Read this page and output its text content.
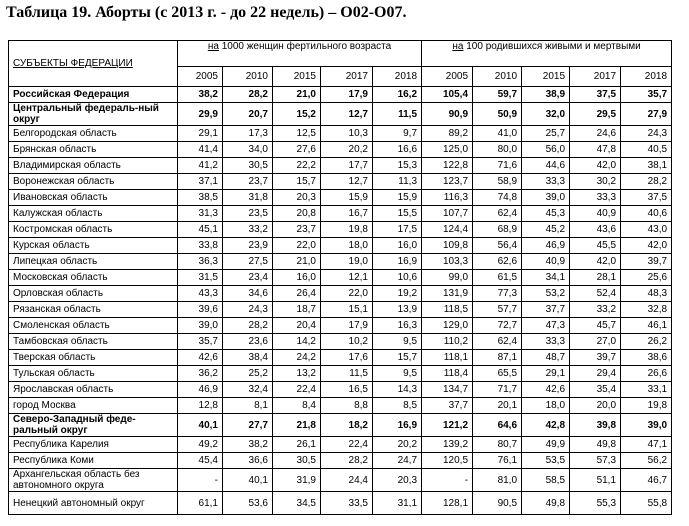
Таблица 19. Аборты (с 2013 г. - до 22 недель) – О02-О07.
СУБЪЕКТЫ ФЕДЕРАЦИИ	на 1000 женщин фертильного возраста					на 100 родившихся живыми и мертвыми				
	2005	2010	2015	2017	2018	2005	2010	2015	2017	2018
Российская Федерация	38,2	28,2	21,0	17,9	16,2	105,4	59,7	38,9	37,5	35,7
Центральный федераль-ный округ	29,9	20,7	15,2	12,7	11,5	90,9	50,9	32,0	29,5	27,9
Белгородская область	29,1	17,3	12,5	10,3	9,7	89,2	41,0	25,7	24,6	24,3
Брянская область	41,4	34,0	27,6	20,2	16,6	125,0	80,0	56,0	47,8	40,5
Владимирская область	41,2	30,5	22,2	17,7	15,3	122,8	71,6	44,6	42,0	38,1
Воронежская область	37,1	23,7	15,7	12,7	11,3	123,7	58,9	33,3	30,2	28,2
Ивановская область	38,5	31,8	20,3	15,9	15,9	116,3	74,8	39,0	33,3	37,5
Калужская область	31,3	23,5	20,8	16,7	15,5	107,7	62,4	45,3	40,9	40,6
Костромская область	45,1	33,2	23,7	19,8	17,5	124,4	68,9	45,2	43,6	43,0
Курская область	33,8	23,9	22,0	18,0	16,0	109,8	56,4	46,9	45,5	42,0
Липецкая область	36,3	27,5	21,0	19,0	16,9	103,3	62,6	40,9	42,0	39,7
Московская область	31,5	23,4	16,0	12,1	10,6	99,0	61,5	34,1	28,1	25,6
Орловская область	43,3	34,6	26,4	22,0	19,2	131,9	77,3	53,2	52,4	48,3
Рязанская область	39,6	24,3	18,7	15,1	13,9	118,5	57,7	37,7	33,2	32,8
Смоленская область	39,0	28,2	20,4	17,9	16,3	129,0	72,7	47,3	45,7	46,1
Тамбовская область	35,7	23,6	14,2	10,2	9,5	110,2	62,4	33,3	27,0	26,2
Тверская область	42,6	38,4	24,2	17,6	15,7	118,1	87,1	48,7	39,7	38,6
Тульская область	36,2	25,2	13,2	11,5	9,5	118,4	65,5	29,1	29,4	26,6
Ярославская область	46,9	32,4	22,4	16,5	14,3	134,7	71,7	42,6	35,4	33,1
город Москва	12,8	8,1	8,4	8,8	8,5	37,7	20,1	18,0	20,0	19,8
Северо-Западный феде-ральный округ	40,1	27,7	21,8	18,2	16,9	121,2	64,6	42,8	39,8	39,0
Республика Карелия	49,2	38,2	26,1	22,4	20,2	139,2	80,7	49,9	49,8	47,1
Республика Коми	45,4	36,6	30,5	28,2	24,7	120,5	76,1	53,5	57,3	56,2
Архангельская область без автономного округа	-	40,1	31,9	24,4	20,3	-	81,0	58,5	51,1	46,7
Ненецкий автономный округ	61,1	53,6	34,5	33,5	31,1	128,1	90,5	49,8	55,3	55,8
